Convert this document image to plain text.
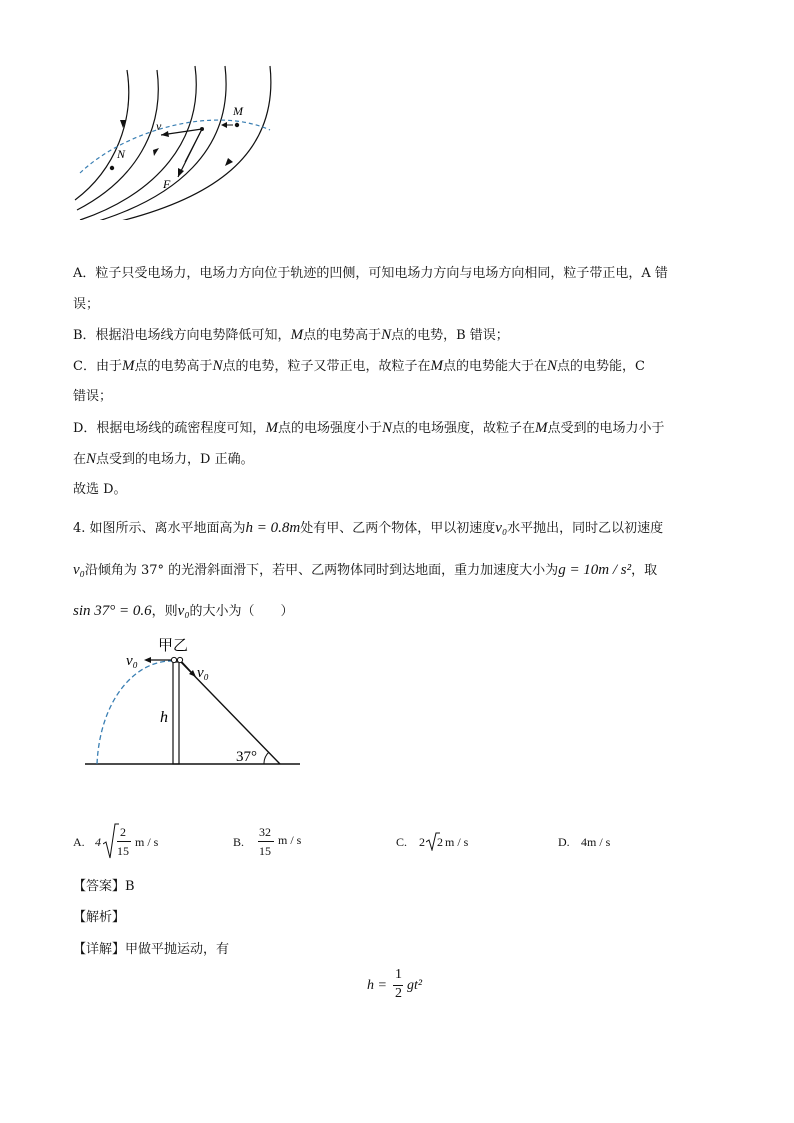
M
N
v
F
A．粒子只受电场力，电场力方向位于轨迹的凹侧，可知电场力方向与电场方向相同，粒子带正电，A 错
误；
B．根据沿电场线方向电势降低可知，M点的电势高于N点的电势，B 错误；
C．由于M点的电势高于N点的电势，粒子又带正电，故粒子在M点的电势能大于在N点的电势能，C
错误；
D．根据电场线的疏密程度可知，M点的电场强度小于N点的电场强度，故粒子在M点受到的电场力小于
在N点受到的电场力，D 正确。
故选 D。
4. 如图所示、离水平地面高为h = 0.8m处有甲、乙两个物体，甲以初速度v₀水平抛出，同时乙以初速度
v₀沿倾角为 37° 的光滑斜面滑下，若甲、乙两物体同时到达地面，重力加速度大小为g = 10m / s²，取
sin 37° = 0.6，则v₀的大小为（　　）
甲乙
v₀
v₀
h
37°
A. 4
2
15
m / s	B.
32
15
m / s	C. 2 2 m / s	D. 4m / s
【答案】B
【解析】
【详解】甲做平抛运动，有
h =
1
2
gt²
